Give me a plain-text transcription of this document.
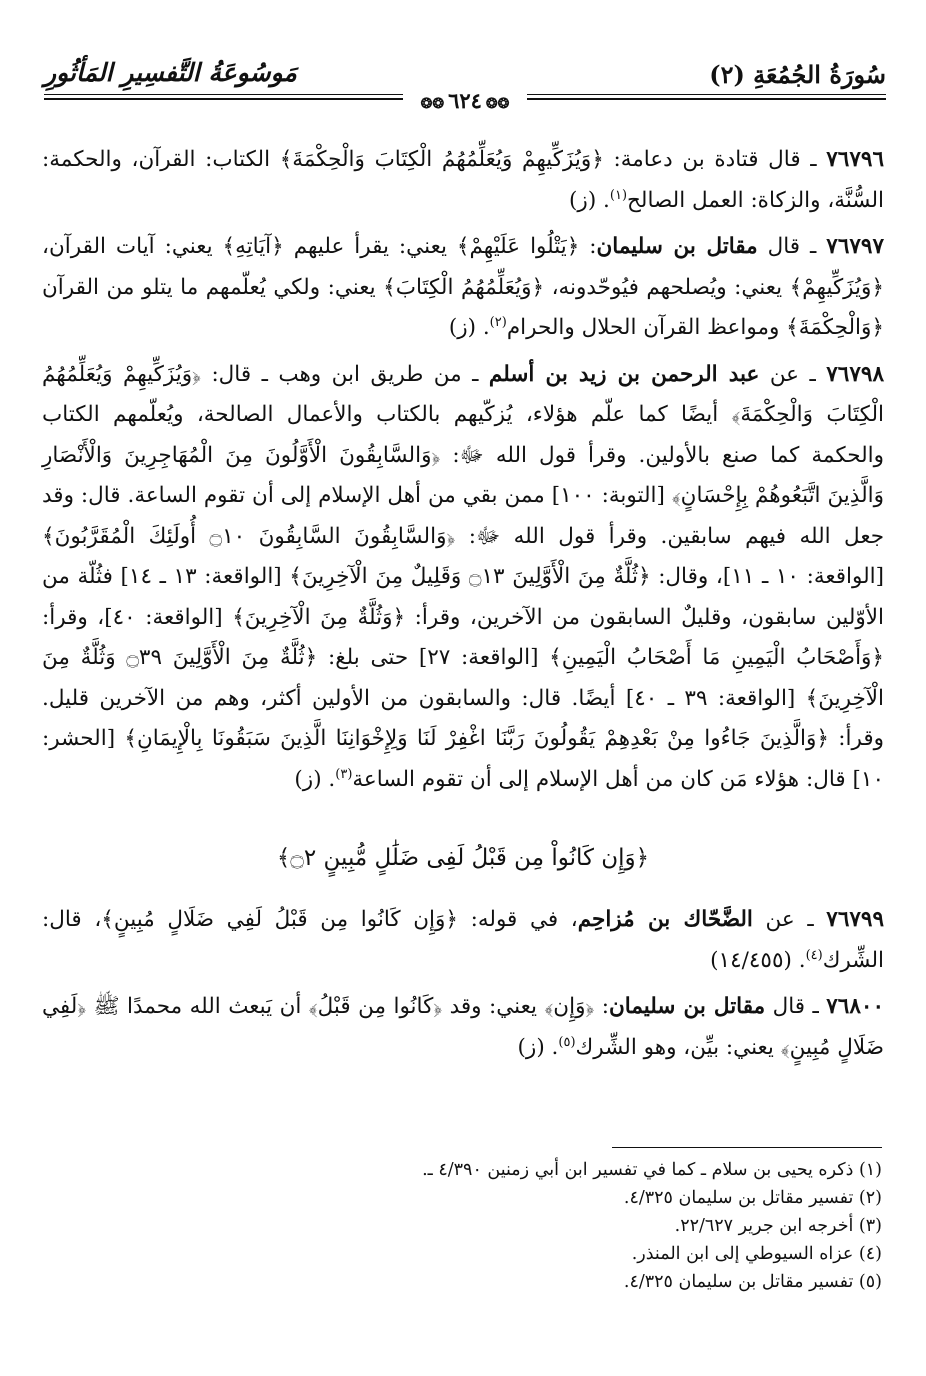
سُورَةُ الجُمُعَةِ (٢)
مَوسُوعَةُ التَّفسِيرِ المَأثُورِ
❂❂٦٢٤❂❂

٧٦٧٩٦ ـ قال قتادة بن دعامة: ﴿وَيُزَكِّيهِمْ وَيُعَلِّمُهُمُ الْكِتَابَ وَالْحِكْمَةَ﴾ الكتاب: القرآن، والحكمة: السُّنَّة، والزكاة: العمل الصالح$^{(١)}$. (ز)

٧٦٧٩٧ ـ قال مقاتل بن سليمان: ﴿يَتْلُوا عَلَيْهِمْ﴾ يعني: يقرأ عليهم ﴿آيَاتِهِ﴾ يعني: آيات القرآن، ﴿وَيُزَكِّيهِمْ﴾ يعني: ويُصلحهم فيُوحّدونه، ﴿وَيُعَلِّمُهُمُ الْكِتَابَ﴾ يعني: ولكي يُعلّمهم ما يتلو من القرآن ﴿وَالْحِكْمَةَ﴾ ومواعظ القرآن الحلال والحرام$^{(٢)}$. (ز)

٧٦٧٩٨ ـ عن عبد الرحمن بن زيد بن أسلم ـ من طريق ابن وهب ـ قال: ﴿وَيُزَكِّيهِمْ وَيُعَلِّمُهُمُ الْكِتَابَ وَالْحِكْمَةَ﴾ أيضًا كما علّم هؤلاء، يُزكّيهم بالكتاب والأعمال الصالحة، ويُعلّمهم الكتاب والحكمة كما صنع بالأولين. وقرأ قول الله ﷻ: ﴿وَالسَّابِقُونَ الْأَوَّلُونَ مِنَ الْمُهَاجِرِينَ وَالْأَنْصَارِ وَالَّذِينَ اتَّبَعُوهُمْ بِإِحْسَانٍ﴾ [التوبة: ١٠٠] ممن بقي من أهل الإسلام إلى أن تقوم الساعة. قال: وقد جعل الله فيهم سابقين. وقرأ قول الله ﷻ: ﴿وَالسَّابِقُونَ السَّابِقُونَ ۝١٠ أُولَئِكَ الْمُقَرَّبُونَ﴾ [الواقعة: ١٠ ـ ١١]، وقال: ﴿ثُلَّةٌ مِنَ الْأَوَّلِينَ ۝١٣ وَقَلِيلٌ مِنَ الْآخِرِينَ﴾ [الواقعة: ١٣ ـ ١٤] فثُلّة من الأوّلين سابقون، وقليلٌ السابقون من الآخرين، وقرأ: ﴿وَثُلَّةٌ مِنَ الْآخِرِينَ﴾ [الواقعة: ٤٠]، وقرأ: ﴿وَأَصْحَابُ الْيَمِينِ مَا أَصْحَابُ الْيَمِينِ﴾ [الواقعة: ٢٧] حتى بلغ: ﴿ثُلَّةٌ مِنَ الْأَوَّلِينَ ۝٣٩ وَثُلَّةٌ مِنَ الْآخِرِينَ﴾ [الواقعة: ٣٩ ـ ٤٠] أيضًا. قال: والسابقون من الأولين أكثر، وهم من الآخرين قليل. وقرأ: ﴿وَالَّذِينَ جَاءُوا مِنْ بَعْدِهِمْ يَقُولُونَ رَبَّنَا اغْفِرْ لَنَا وَلِإِخْوَانِنَا الَّذِينَ سَبَقُونَا بِالْإِيمَانِ﴾ [الحشر: ١٠] قال: هؤلاء مَن كان من أهل الإسلام إلى أن تقوم الساعة$^{(٣)}$. (ز)

﴿وَإِن كَانُواْ مِن قَبْلُ لَفِى ضَلَٰلٍ مُّبِينٍ ۝٢﴾

٧٦٧٩٩ ـ عن الضَّحّاك بن مُزاحِم، في قوله: ﴿وَإِن كَانُوا مِن قَبْلُ لَفِي ضَلَالٍ مُبِينٍ﴾، قال: الشِّرك$^{(٤)}$. (١٤/٤٥٥)

٧٦٨٠٠ ـ قال مقاتل بن سليمان: ﴿وَإِن﴾ يعني: وقد ﴿كَانُوا مِن قَبْلُ﴾ أن يَبعث الله محمدًا ﷺ ﴿لَفِي ضَلَالٍ مُبِينٍ﴾ يعني: بيِّن، وهو الشِّرك$^{(٥)}$. (ز)

(١) ذكره يحيى بن سلام ـ كما في تفسير ابن أبي زمنين ٤/٣٩٠ ـ.

(٢) تفسير مقاتل بن سليمان ٤/٣٢٥.

(٣) أخرجه ابن جرير ٢٢/٦٢٧.

(٤) عزاه السيوطي إلى ابن المنذر.

(٥) تفسير مقاتل بن سليمان ٤/٣٢٥.
